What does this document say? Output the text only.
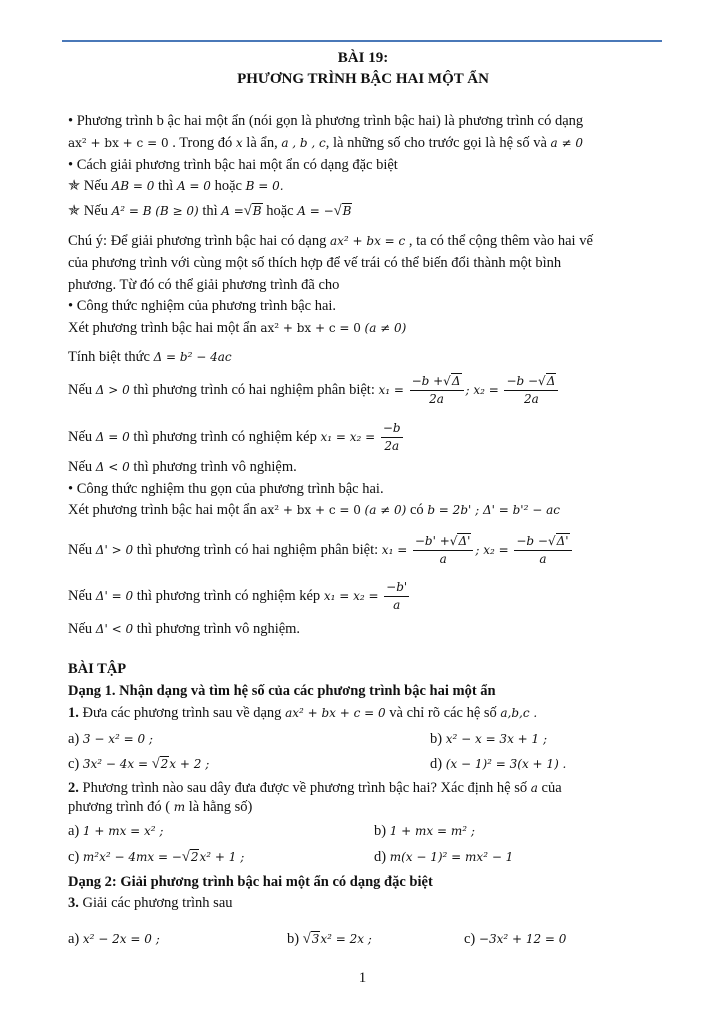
BÀI 19:
PHƯƠNG TRÌNH BẬC HAI MỘT ẨN
• Phương trình b ậc hai một ẩn (nói gọn là phương trình bậc hai) là phương trình có dạng
ax² + bx + c = 0 . Trong đó x là ẩn, a , b , c, là những số cho trước gọi là hệ số và a ≠ 0
• Cách giải phương trình bậc hai một ẩn có dạng đặc biệt
✯ Nếu AB = 0 thì A = 0 hoặc B = 0.
✯ Nếu A² = B (B ≥ 0) thì A =√B hoặc A = −√B
Chú ý: Để giải phương trình bậc hai có dạng ax² + bx = c , ta có thể cộng thêm vào hai vế
của phương trình với cùng một số thích hợp để vế trái có thể biến đổi thành một bình
phương. Từ đó có thể giải phương trình đã cho
• Công thức nghiệm của phương trình bậc hai.
Xét phương trình bậc hai một ẩn ax² + bx + c = 0 (a ≠ 0)
Tính biệt thức Δ = b² − 4ac
Nếu Δ > 0 thì phương trình có hai nghiệm phân biệt: $x_1 = \frac{-b +√\Delta}{2a}$ ; $x_2 = \frac{-b -√\Delta}{2a}$
Nếu Δ = 0 thì phương trình có nghiệm kép $x_1 = x_2 = \frac{-b}{2a}$
Nếu Δ < 0 thì phương trình vô nghiệm.
• Công thức nghiệm thu gọn của phương trình bậc hai.
Xét phương trình bậc hai một ẩn ax² + bx + c = 0 (a ≠ 0) có b = 2b' ; Δ' = b'² − ac
Nếu Δ' > 0 thì phương trình có hai nghiệm phân biệt: $x_1 = \frac{-b' +√\Delta'}{a}$ ; $x_2 = \frac{-b -√\Delta'}{a}$
Nếu Δ' = 0 thì phương trình có nghiệm kép $x_1 = x_2 = \frac{-b'}{a}$
Nếu Δ' < 0 thì phương trình vô nghiệm.
BÀI TẬP
Dạng 1. Nhận dạng và tìm hệ số của các phương trình bậc hai một ẩn
1. Đưa các phương trình sau về dạng ax² + bx + c = 0 và chỉ rõ các hệ số a,b,c .
a) 3 − x² = 0 ;	b) x² − x = 3x + 1 ;
c) 3x² − 4x = √2x + 2 ;	d) (x − 1)² = 3(x + 1) .
2. Phương trình nào sau dây đưa được về phương trình bậc hai? Xác định hệ số a của
phương trình đó ( m là hằng số)
a) 1 + mx = x² ;	b) 1 + mx = m² ;
c) m²x² − 4mx = −√2x² + 1 ;	d) m(x − 1)² = mx² − 1
Dạng 2: Giải phương trình bậc hai một ẩn có dạng đặc biệt
3. Giải các phương trình sau
a) x² − 2x = 0 ;	b) √3x² = 2x ;	c) −3x² + 12 = 0
1
